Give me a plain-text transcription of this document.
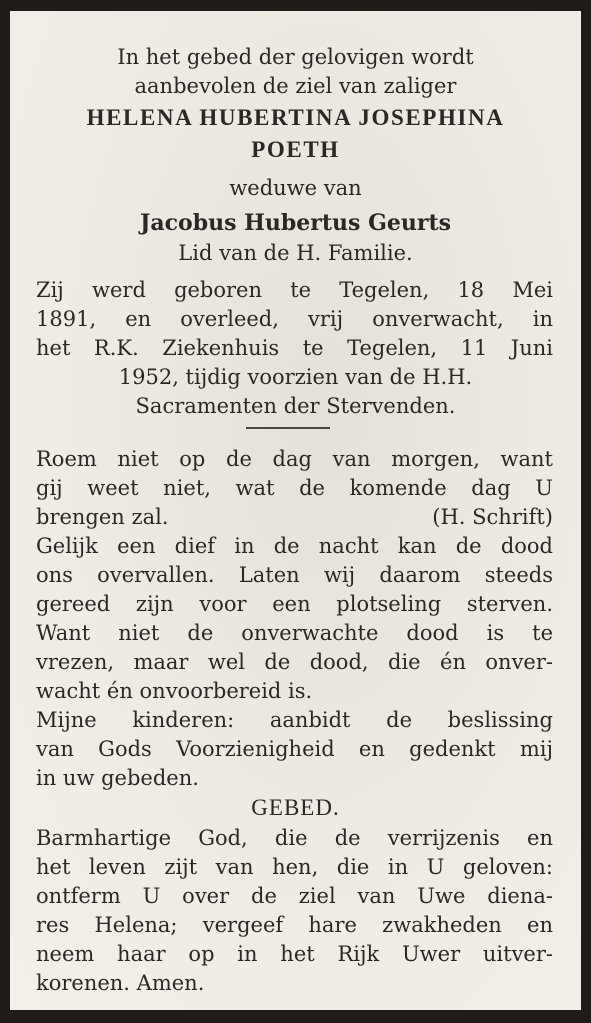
In het gebed der gelovigen wordt
aanbevolen de ziel van zaliger
HELENA HUBERTINA JOSEPHINA
POETH
weduwe van
Jacobus Hubertus Geurts
Lid van de H. Familie.
Zij werd geboren te Tegelen, 18 Mei
1891, en overleed, vrij onverwacht, in
het R.K. Ziekenhuis te Tegelen, 11 Juni
1952, tijdig voorzien van de H.H.
Sacramenten der Stervenden.
Roem niet op de dag van morgen, want
gij weet niet, wat de komende dag U
brengen zal.	(H. Schrift)
Gelijk een dief in de nacht kan de dood
ons overvallen. Laten wij daarom steeds
gereed zijn voor een plotseling sterven.
Want niet de onverwachte dood is te
vrezen, maar wel de dood, die én onver-
wacht én onvoorbereid is.
Mijne kinderen: aanbidt de beslissing
van Gods Voorzienigheid en gedenkt mij
in uw gebeden.
GEBED.
Barmhartige God, die de verrijzenis en
het leven zijt van hen, die in U geloven:
ontferm U over de ziel van Uwe diena-
res Helena; vergeef hare zwakheden en
neem haar op in het Rijk Uwer uitver-
korenen. Amen.
